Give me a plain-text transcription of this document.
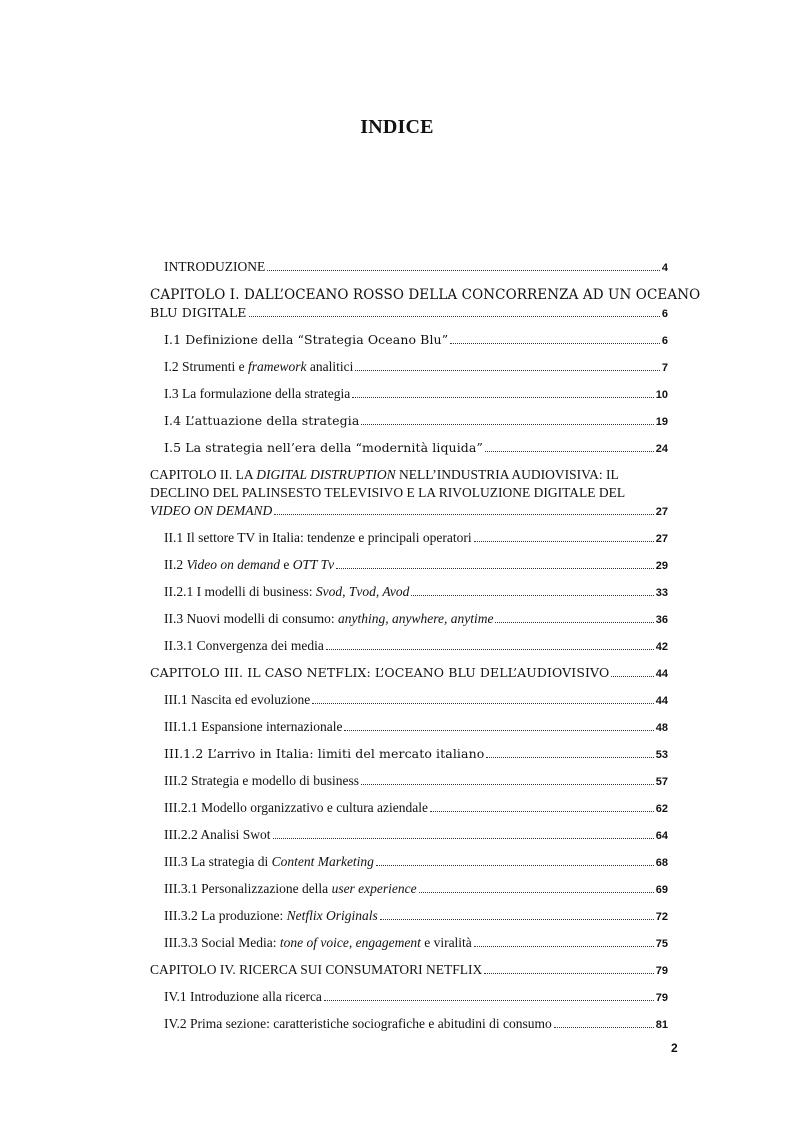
INDICE
INTRODUZIONE	4
CAPITOLO I. DALL’OCEANO ROSSO DELLA CONCORRENZA AD UN OCEANO
BLU DIGITALE	6
I.1 Definizione della “Strategia Oceano Blu”	6
I.2 Strumenti e framework analitici	7
I.3 La formulazione della strategia	10
I.4 L’attuazione della strategia	19
I.5 La strategia nell’era della “modernità liquida”	24
CAPITOLO II. LA DIGITAL DISTRUPTION NELL’INDUSTRIA AUDIOVISIVA: IL
DECLINO DEL PALINSESTO TELEVISIVO E LA RIVOLUZIONE DIGITALE DEL
VIDEO ON DEMAND	27
II.1 Il settore TV in Italia: tendenze e principali operatori	27
II.2 Video on demand e OTT Tv	29
II.2.1 I modelli di business: Svod, Tvod, Avod	33
II.3 Nuovi modelli di consumo: anything, anywhere, anytime	36
II.3.1 Convergenza dei media	42
CAPITOLO III. IL CASO NETFLIX: L’OCEANO BLU DELL’AUDIOVISIVO	44
III.1 Nascita ed evoluzione	44
III.1.1 Espansione internazionale	48
III.1.2 L’arrivo in Italia: limiti del mercato italiano	53
III.2 Strategia e modello di business	57
III.2.1 Modello organizzativo e cultura aziendale	62
III.2.2 Analisi Swot	64
III.3 La strategia di Content Marketing	68
III.3.1 Personalizzazione della user experience	69
III.3.2 La produzione: Netflix Originals	72
III.3.3 Social Media: tone of voice, engagement e viralità	75
CAPITOLO IV. RICERCA SUI CONSUMATORI NETFLIX	79
IV.1 Introduzione alla ricerca	79
IV.2 Prima sezione: caratteristiche sociografiche e abitudini di consumo	81
2
